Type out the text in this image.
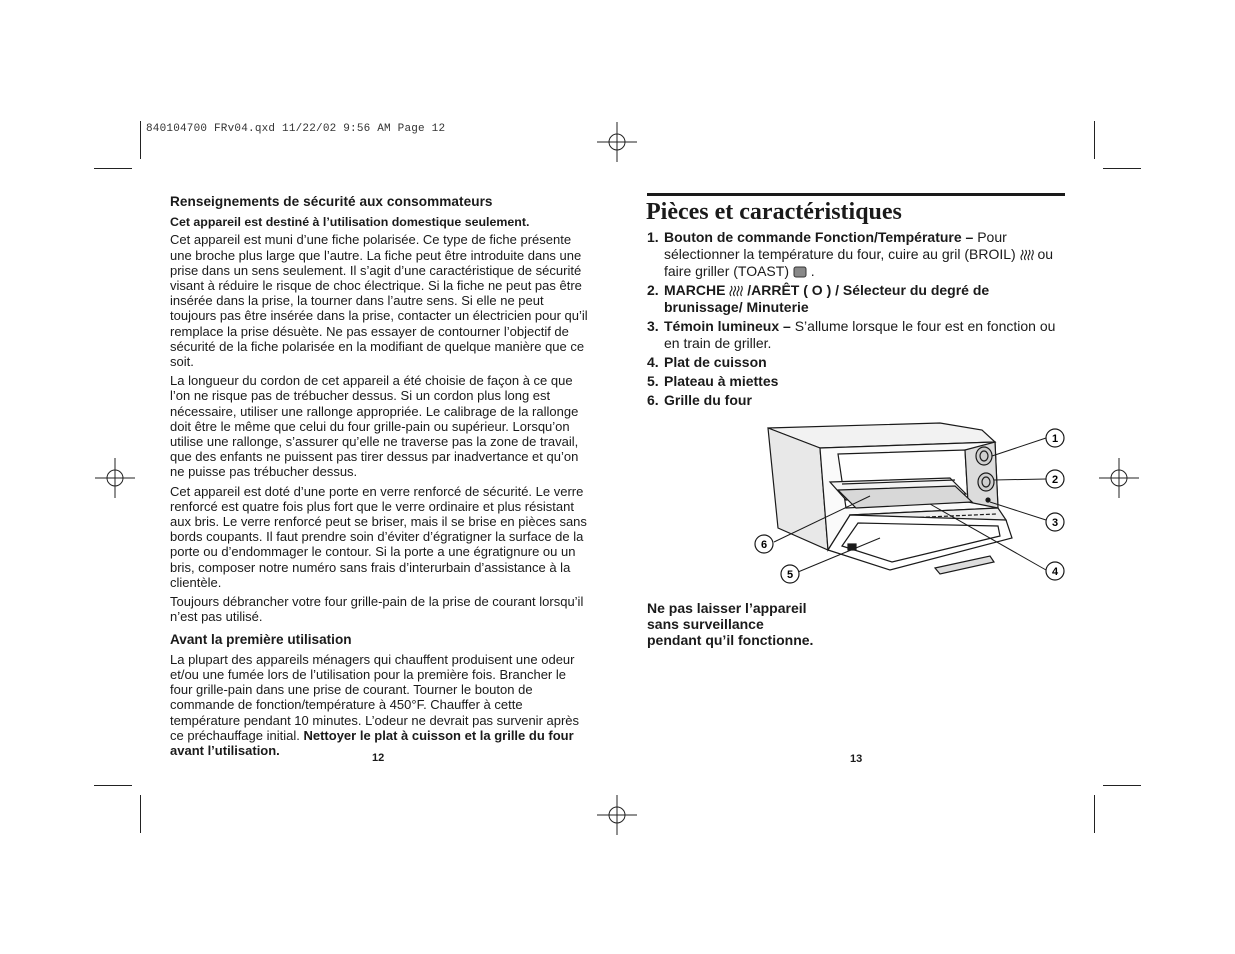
840104700 FRv04.qxd 11/22/02 9:56 AM Page 12
Renseignements de sécurité aux consommateurs
Cet appareil est destiné à l’utilisation domestique seulement.

Cet appareil est muni d’une fiche polarisée. Ce type de fiche présente une broche plus large que l’autre. La fiche peut être introduite dans une prise dans un sens seulement. Il s’agit d’une caractéristique de sécurité visant à réduire le risque de choc électrique. Si la fiche ne peut pas être insérée dans la prise, la tourner dans l’autre sens. Si elle ne peut toujours pas être insérée dans la prise, contacter un électricien pour qu’il remplace la prise désuète. Ne pas essayer de contourner l’objectif de sécurité de la fiche polarisée en la modifiant de quelque manière que ce soit.

La longueur du cordon de cet appareil a été choisie de façon à ce que l’on ne risque pas de trébucher dessus. Si un cordon plus long est nécessaire, utiliser une rallonge appropriée. Le calibrage de la rallonge doit être le même que celui du four grille-pain ou supérieur. Lorsqu’on utilise une rallonge, s’assurer qu’elle ne traverse pas la zone de travail, que des enfants ne puissent pas tirer dessus par inadvertance et qu’on ne puisse pas trébucher dessus.

Cet appareil est doté d’une porte en verre renforcé de sécurité. Le verre renforcé est quatre fois plus fort que le verre ordinaire et plus résistant aux bris. Le verre renforcé peut se briser, mais il se brise en pièces sans bords coupants. Il faut prendre soin d’éviter d’égratigner la surface de la porte ou d’endommager le contour. Si la porte a une égratignure ou un bris, composer notre numéro sans frais d’interurbain d’assistance à la clientèle.

Toujours débrancher votre four grille-pain de la prise de courant lorsqu’il n’est pas utilisé.

Avant la première utilisation

La plupart des appareils ménagers qui chauffent produisent une odeur et/ou une fumée lors de l’utilisation pour la première fois. Brancher le four grille-pain dans une prise de courant. Tourner le bouton de commande de fonction/température à 450°F. Chauffer à cette température pendant 10 minutes. L’odeur ne devrait pas survenir après ce préchauffage initial. Nettoyer le plat à cuisson et la grille du four avant l’utilisation.

12
Pièces et caractéristiques
1. Bouton de commande Fonction/Température – Pour sélectionner la température du four, cuire au gril (BROIL) ou faire griller (TOAST) .
2. MARCHE /ARRÊT ( O ) / Sélecteur du degré de brunissage/ Minuterie
3. Témoin lumineux – S’allume lorsque le four est en fonction ou en train de griller.
4. Plat de cuisson
5. Plateau à miettes
6. Grille du four
1
2
3
4
5
6
Ne pas laisser l’appareil sans surveillance pendant qu’il fonctionne.
13
